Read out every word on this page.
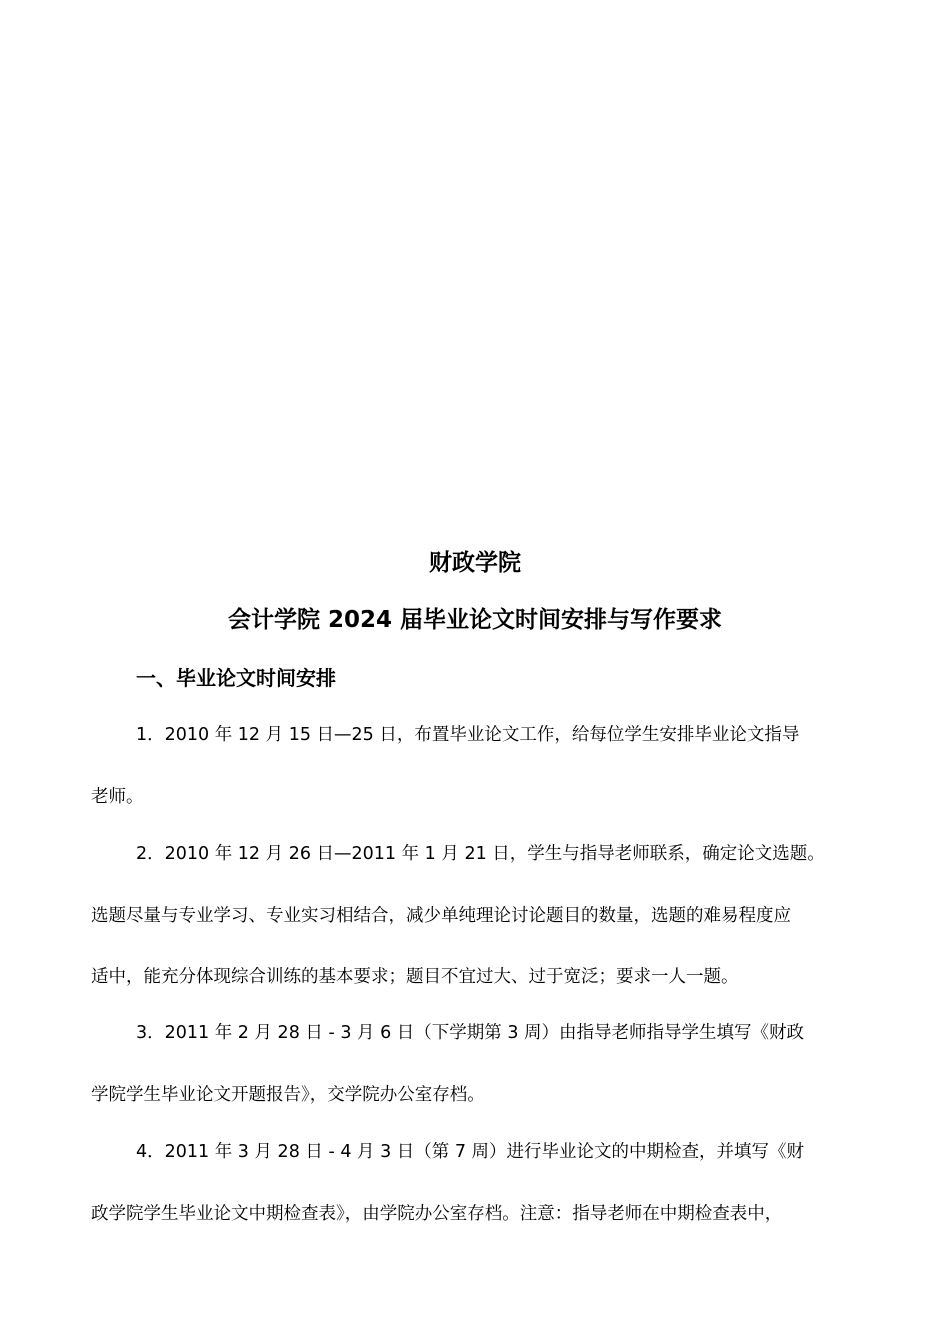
财政学院
会计学院 2024 届毕业论文时间安排与写作要求
一、毕业论文时间安排

1．2010 年 12 月 15 日—25 日，布置毕业论文工作，给每位学生安排毕业论文指导

老师。

2．2010 年 12 月 26 日—2011 年 1 月 21 日，学生与指导老师联系，确定论文选题。

选题尽量与专业学习、专业实习相结合，减少单纯理论讨论题目的数量，选题的难易程度应

适中，能充分体现综合训练的基本要求；题目不宜过大、过于宽泛；要求一人一题。

3．2011 年 2 月 28 日 - 3 月 6 日（下学期第 3 周）由指导老师指导学生填写《财政

学院学生毕业论文开题报告》，交学院办公室存档。

4．2011 年 3 月 28 日 - 4 月 3 日（第 7 周）进行毕业论文的中期检查，并填写《财

政学院学生毕业论文中期检查表》，由学院办公室存档。注意：指导老师在中期检查表中，
